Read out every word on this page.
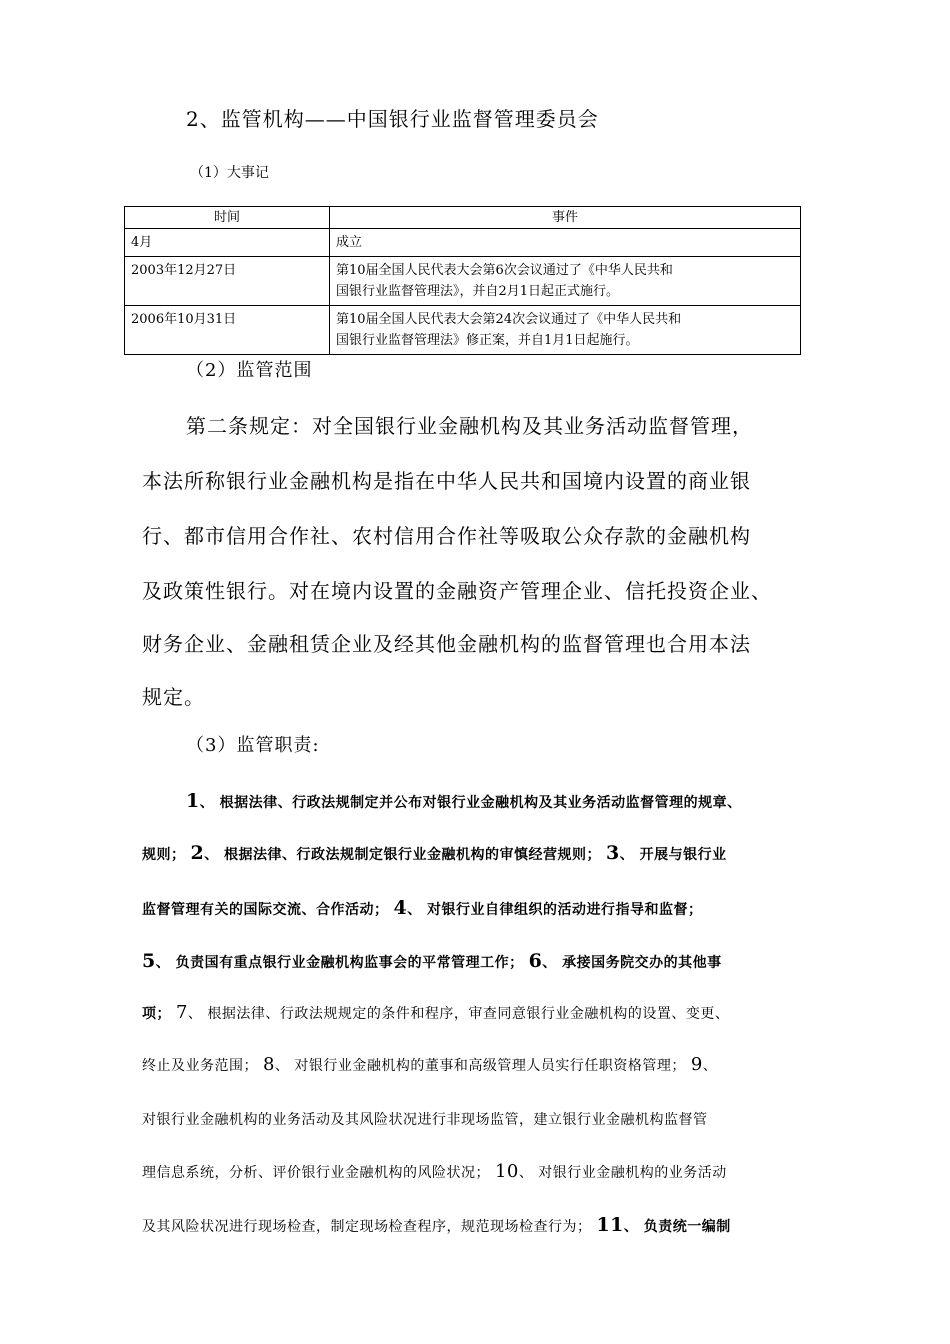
2、监管机构——中国银行业监督管理委员会
（1）大事记
时间	事件
4月	成立
2003年12月27日	第10届全国人民代表大会第6次会议通过了《中华人民共和
国银行业监督管理法》，并自2月1日起正式施行。

2006年10月31日	第10届全国人民代表大会第24次会议通过了《中华人民共和
国银行业监督管理法》修正案，并自1月1日起施行。
（2）监管范围
第二条规定：对全国银行业金融机构及其业务活动监督管理，
本法所称银行业金融机构是指在中华人民共和国境内设置的商业银
行、都市信用合作社、农村信用合作社等吸取公众存款的金融机构
及政策性银行。对在境内设置的金融资产管理企业、信托投资企业、
财务企业、金融租赁企业及经其他金融机构的监督管理也合用本法
规定。
（3）监管职责:
1、 根据法律、行政法规制定并公布对银行业金融机构及其业务活动监督管理的规章、
规则； 2、 根据法律、行政法规制定银行业金融机构的审慎经营规则； 3、 开展与银行业
监督管理有关的国际交流、合作活动； 4、 对银行业自律组织的活动进行指导和监督；
5、 负责国有重点银行业金融机构监事会的平常管理工作； 6、 承接国务院交办的其他事
项； 7、 根据法律、行政法规规定的条件和程序，审查同意银行业金融机构的设置、变更、
终止及业务范围； 8、 对银行业金融机构的董事和高级管理人员实行任职资格管理； 9、
对银行业金融机构的业务活动及其风险状况进行非现场监管，建立银行业金融机构监督管
理信息系统，分析、评价银行业金融机构的风险状况； 10、 对银行业金融机构的业务活动
及其风险状况进行现场检查，制定现场检查程序，规范现场检查行为； 11、 负责统一编制
